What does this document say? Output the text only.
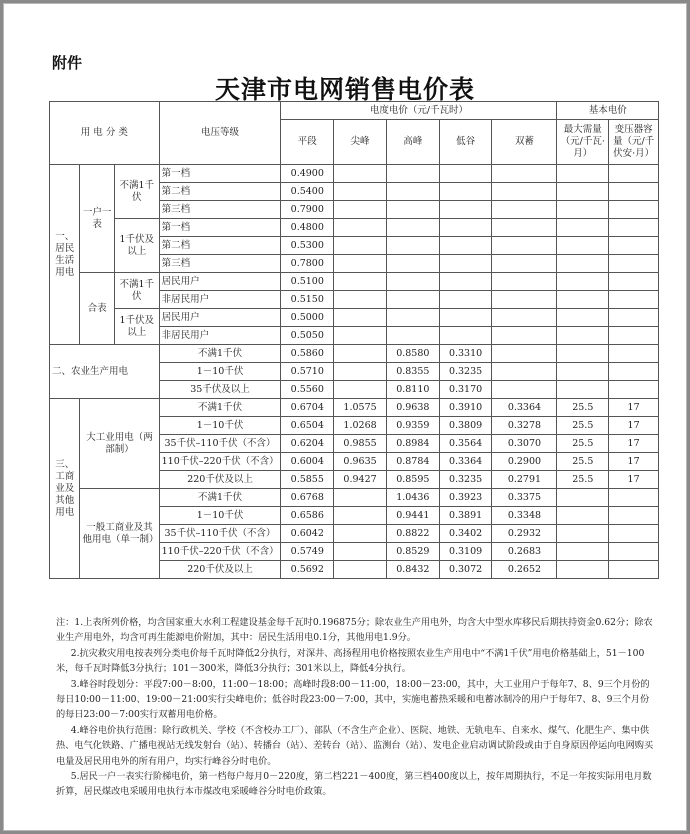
附件
天津市电网销售电价表
用 电 分 类			电压等级	电度电价（元/千瓦时）					基本电价	
				平段	尖峰	高峰	低谷	双蓄	最大需量（元/千瓦·月）	变压器容量（元/千伏安·月）

一、居民生活用电	一户一表	不满1千伏	第一档	0.4900						
			第二档	0.5400						
			第三档	0.7900						
		1千伏及以上	第一档	0.4800						
			第二档	0.5300						
			第三档	0.7800						
	合表	不满1千伏	居民用户	0.5100						
			非居民用户	0.5150						
		1千伏及以上	居民用户	0.5000						
			非居民用户	0.5050						
二、农业生产用电			不满1千伏	0.5860		0.8580	0.3310			
			1－10千伏	0.5710		0.8355	0.3235			
			35千伏及以上	0.5560		0.8110	0.3170			
三、工商业及其他用电	大工业用电（两部制）		不满1千伏	0.6704	1.0575	0.9638	0.3910	0.3364	25.5	17
			1－10千伏	0.6504	1.0268	0.9359	0.3809	0.3278	25.5	17
			35千伏–110千伏（不含）	0.6204	0.9855	0.8984	0.3564	0.3070	25.5	17
			110千伏–220千伏（不含）	0.6004	0.9635	0.8784	0.3364	0.2900	25.5	17
			220千伏及以上	0.5855	0.9427	0.8595	0.3235	0.2791	25.5	17
	一般工商业及其他用电（单一制）		不满1千伏	0.6768		1.0436	0.3923	0.3375		
			1－10千伏	0.6586		0.9441	0.3891	0.3348		
			35千伏–110千伏（不含）	0.6042		0.8822	0.3402	0.2932		
			110千伏–220千伏（不含）	0.5749		0.8529	0.3109	0.2683		
			220千伏及以上	0.5692		0.8432	0.3072	0.2652		

注：1.上表所列价格，均含国家重大水利工程建设基金每千瓦时0.196875分；除农业生产用电外，均含大中型水库移民后期扶持资金0.62分；除农业生产用电外，均含可再生能源电价附加，其中：居民生活用电0.1分，其他用电1.9分。

2.抗灾救灾用电按表列分类电价每千瓦时降低2分执行，对深井、高扬程用电价格按照农业生产用电中“不满1千伏”用电价格基础上，51－100米，每千瓦时降低3分执行；101－300米，降低3分执行；301米以上，降低4分执行。

3.峰谷时段划分：平段7:00－8:00，11:00－18:00；高峰时段8:00－11:00，18:00－23:00，其中，大工业用户于每年7、8、9三个月份的每日10:00－11:00、19:00－21:00实行尖峰电价；低谷时段23:00－7:00，其中，实施电蓄热采暖和电蓄冰制冷的用户于每年7、8、9三个月份的每日23:00－7:00实行双蓄用电价格。

4.峰谷电价执行范围：除行政机关、学校（不含校办工厂）、部队（不含生产企业）、医院、地铁、无轨电车、自来水、煤气、化肥生产、集中供热、电气化铁路、广播电视站无线发射台（站）、转播台（站）、差转台（站）、监测台（站）、发电企业启动调试阶段或由于自身原因停运向电网购买电量及居民用电外的所有用户，均实行峰谷分时电价。

5.居民一户一表实行阶梯电价，第一档每户每月0－220度，第二档221－400度，第三档400度以上，按年周期执行，不足一年按实际用电月数折算，居民煤改电采暖用电执行本市煤改电采暖峰谷分时电价政策。
